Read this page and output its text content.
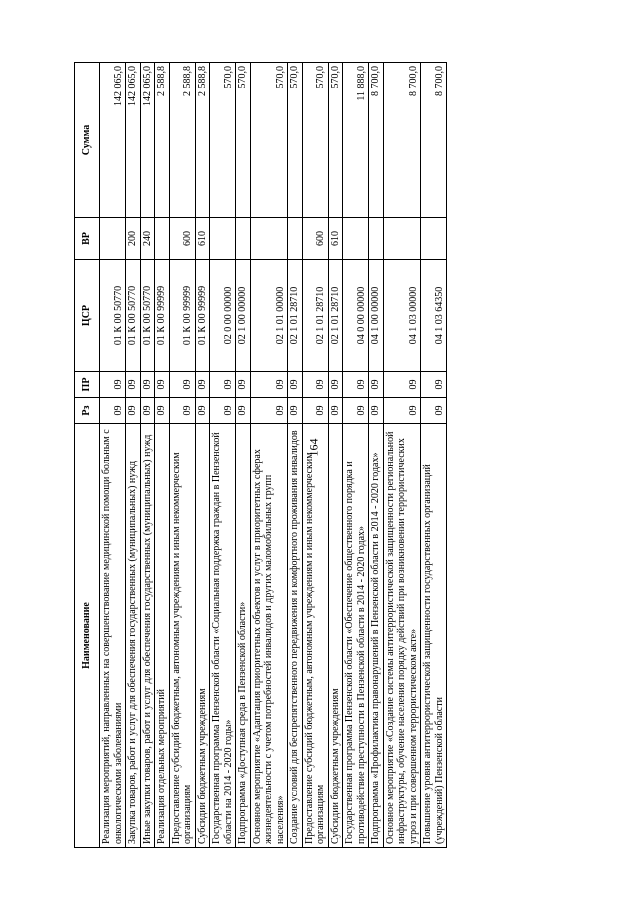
164
Наименование	Рз	ПР	ЦСР	ВР	Сумма
Реализация мероприятий, направленных на совершенствование медицинской помощи больным с онкологическими заболеваниями	09	09	01 К 00 50770		142 065,0
Закупка товаров, работ и услуг для обеспечения государственных (муниципальных) нужд	09	09	01 К 00 50770	200	142 065,0
Иные закупки товаров, работ и услуг для обеспечения государственных (муниципальных) нужд	09	09	01 К 00 50770	240	142 065,0
Реализация отдельных мероприятий	09	09	01 К 00 99999		2 588,8
Предоставление субсидий бюджетным, автономным учреждениям и иным некоммерческим организациям	09	09	01 К 00 99999	600	2 588,8
Субсидии бюджетным учреждениям	09	09	01 К 00 99999	610	2 588,8
Государственная программа Пензенской области «Социальная поддержка граждан в Пензенской области на 2014 - 2020 годы»	09	09	02 0 00 00000		570,0
Подпрограмма «Доступная среда в Пензенской области»	09	09	02 1 00 00000		570,0
Основное мероприятие «Адаптация приоритетных объектов и услуг в приоритетных сферах жизнедеятельности с учетом потребностей инвалидов и других маломобильных групп населения»	09	09	02 1 01 00000		570,0
Создание условий для беспрепятственного передвижения и комфортного проживания инвалидов	09	09	02 1 01 28710		570,0
Предоставление субсидий бюджетным, автономным учреждениям и иным некоммерческим организациям	09	09	02 1 01 28710	600	570,0
Субсидии бюджетным учреждениям	09	09	02 1 01 28710	610	570,0
Государственная программа Пензенской области «Обеспечение общественного порядка и противодействие преступности в Пензенской области в 2014 - 2020 годах»	09	09	04 0 00 00000		11 888,0
Подпрограмма «Профилактика правонарушений в Пензенской области в 2014 - 2020 годах»	09	09	04 1 00 00000		8 700,0
Основное мероприятие «Создание системы антитеррористической защищенности региональной инфраструктуры, обучение населения порядку действий при возникновении террористических угроз и при совершенном террористическом акте»	09	09	04 1 03 00000		8 700,0
Повышение уровня антитеррористической защищенности государственных организаций (учреждений) Пензенской области	09	09	04 1 03 64350		8 700,0
